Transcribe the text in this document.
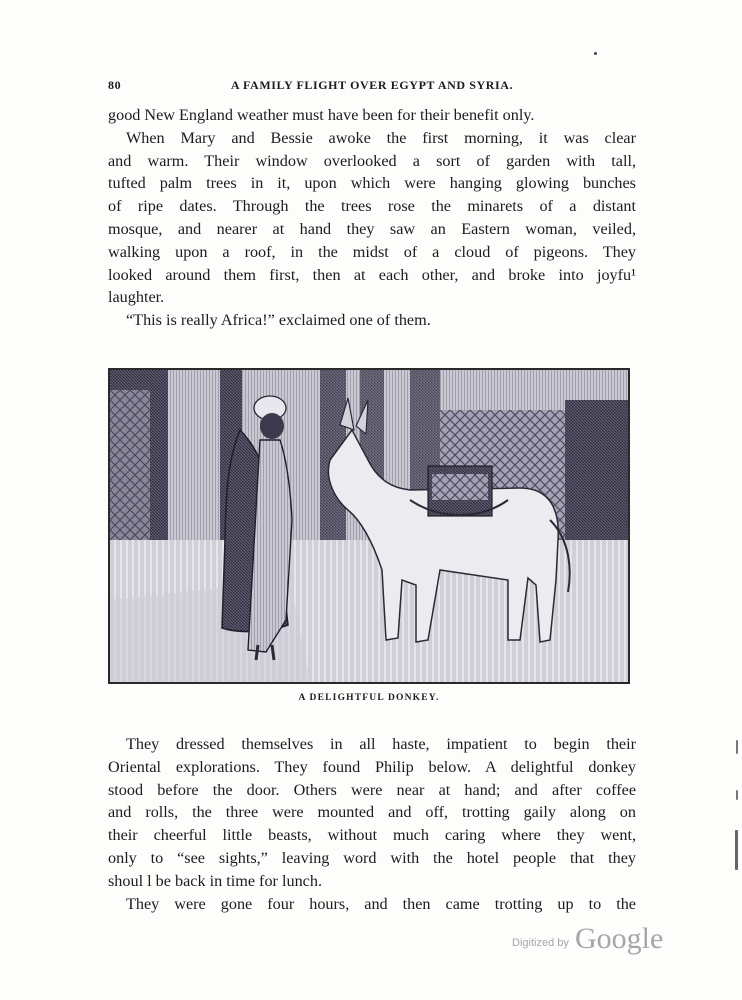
80	A FAMILY FLIGHT OVER EGYPT AND SYRIA.

good New England weather must have been for their benefit only.

When Mary and Bessie awoke the first morning, it was clear
and warm. Their window overlooked a sort of garden with tall,
tufted palm trees in it, upon which were hanging glowing bunches
of ripe dates. Through the trees rose the minarets of a distant
mosque, and nearer at hand they saw an Eastern woman, veiled,
walking upon a roof, in the midst of a cloud of pigeons. They
looked around them first, then at each other, and broke into joyfu¹
laughter.

“This is really Africa!” exclaimed one of them.

A DELIGHTFUL DONKEY.

They dressed themselves in all haste, impatient to begin their
Oriental explorations. They found Philip below. A delightful donkey
stood before the door. Others were near at hand; and after coffee
and rolls, the three were mounted and off, trotting gaily along on
their cheerful little beasts, without much caring where they went,
only to “see sights,” leaving word with the hotel people that they
shoul l be back in time for lunch.

They were gone four hours, and then came trotting up to the

Digitized by Google
